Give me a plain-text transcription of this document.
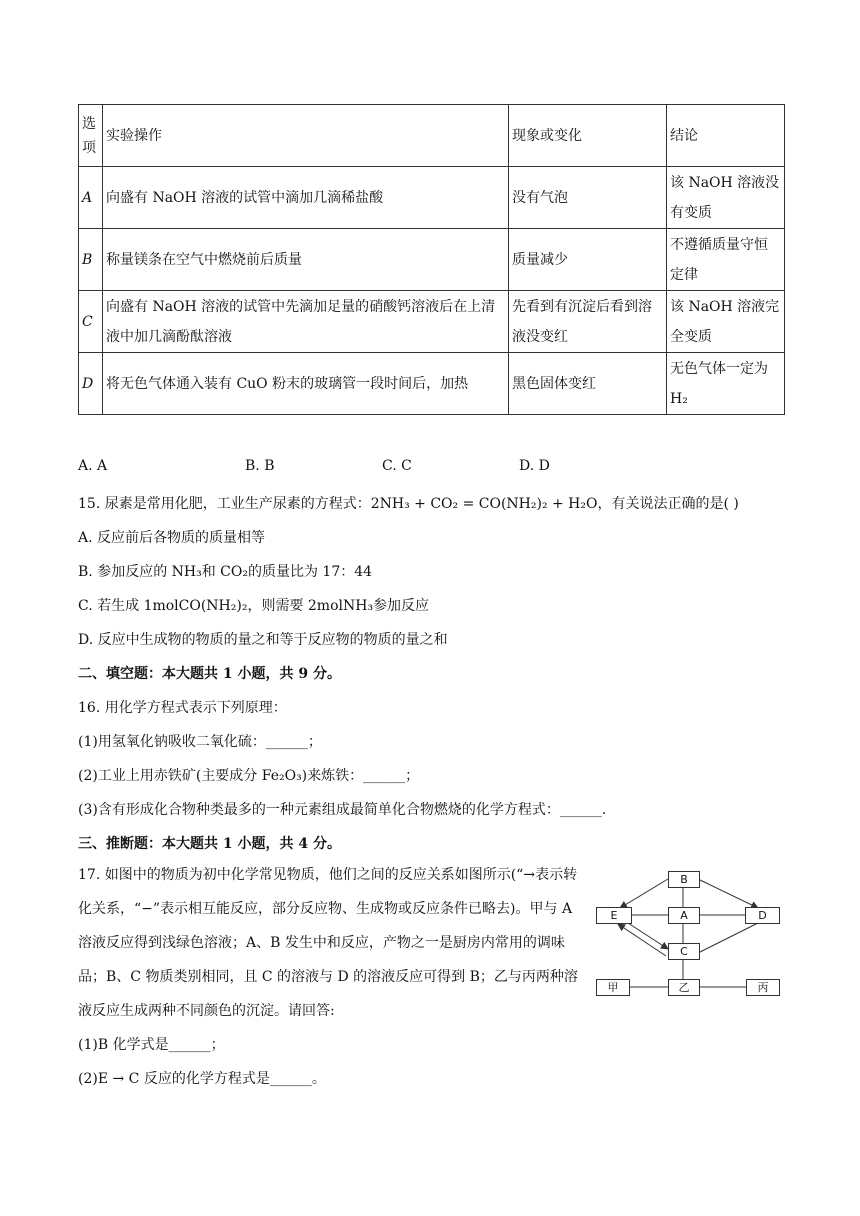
选项	实验操作	现象或变化	结论
A	向盛有 NaOH 溶液的试管中滴加几滴稀盐酸	没有气泡	该 NaOH 溶液没有变质
B	称量镁条在空气中燃烧前后质量	质量减少	不遵循质量守恒定律
C	向盛有 NaOH 溶液的试管中先滴加足量的硝酸钙溶液后在上清液中加几滴酚酞溶液	先看到有沉淀后看到溶液没变红	该 NaOH 溶液完全变质
D	将无色气体通入装有 CuO 粉末的玻璃管一段时间后，加热	黑色固体变红	无色气体一定为 H₂
A. A	B. B	C. C	D. D
15. 尿素是常用化肥，工业生产尿素的方程式：2NH₃ + CO₂ = CO(NH₂)₂ + H₂O，有关说法正确的是( )
A. 反应前后各物质的质量相等
B. 参加反应的 NH₃和 CO₂的质量比为 17：44
C. 若生成 1molCO(NH₂)₂，则需要 2molNH₃参加反应
D. 反应中生成物的物质的量之和等于反应物的物质的量之和
二、填空题：本大题共 1 小题，共 9 分。
16. 用化学方程式表示下列原理：
(1)用氢氧化钠吸收二氧化硫：______；
(2)工业上用赤铁矿(主要成分 Fe₂O₃)来炼铁：______；
(3)含有形成化合物种类最多的一种元素组成最简单化合物燃烧的化学方程式：______.
三、推断题：本大题共 1 小题，共 4 分。
17. 如图中的物质为初中化学常见物质，他们之间的反应关系如图所示(“→表示转化关系，“−”表示相互能反应，部分反应物、生成物或反应条件已略去)。甲与 A 溶液反应得到浅绿色溶液；A、B 发生中和反应，产物之一是厨房内常用的调味品；B、C 物质类别相同，且 C 的溶液与 D 的溶液反应可得到 B；乙与丙两种溶液反应生成两种不同颜色的沉淀。请回答:
(1)B 化学式是______；
(2)E → C 反应的化学方程式是______。
B
E	A	D
C
甲	乙	丙
